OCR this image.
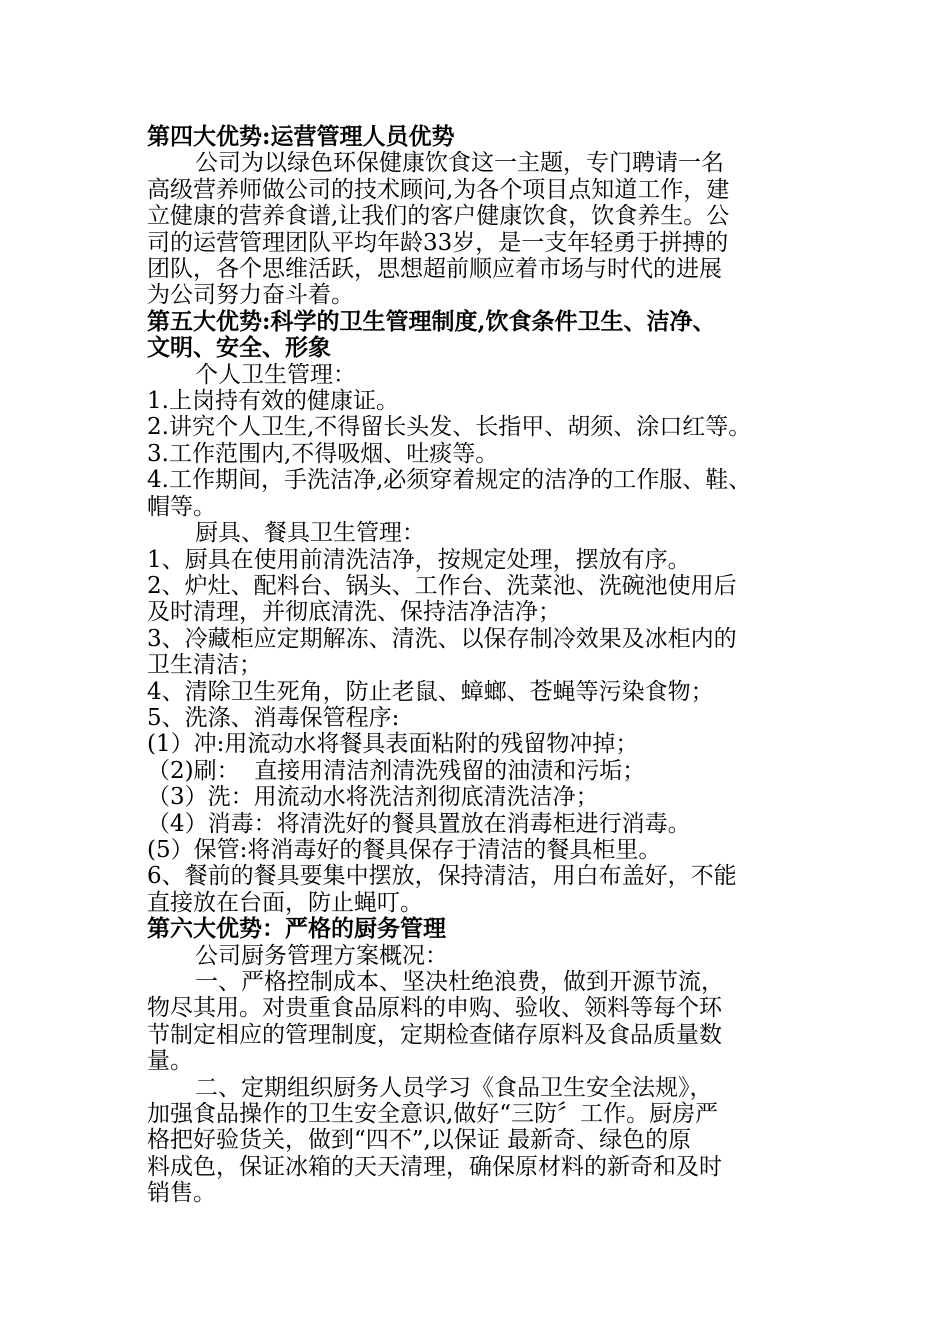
第四大优势:运营管理人员优势
公司为以绿色环保健康饮食这一主题，专门聘请一名
高级营养师做公司的技术顾问,为各个项目点知道工作，建
立健康的营养食谱,让我们的客户健康饮食，饮食养生。公
司的运营管理团队平均年龄33岁，是一支年轻勇于拼搏的
团队，各个思维活跃，思想超前顺应着市场与时代的进展
为公司努力奋斗着。
第五大优势:科学的卫生管理制度,饮食条件卫生、洁净、
文明、安全、形象
个人卫生管理：
1.上岗持有效的健康证。
2.讲究个人卫生,不得留长头发、长指甲、胡须、涂口红等。
3.工作范围内,不得吸烟、吐痰等。
4.工作期间，手洗洁净,必须穿着规定的洁净的工作服、鞋、
帽等。
厨具、餐具卫生管理：
1、厨具在使用前清洗洁净，按规定处理，摆放有序。
2、炉灶、配料台、锅头、工作台、洗菜池、洗碗池使用后
及时清理，并彻底清洗、保持洁净洁净；
3、冷藏柜应定期解冻、清洗、以保存制冷效果及冰柜内的
卫生清洁；
4、清除卫生死角，防止老鼠、蟑螂、苍蝇等污染食物；
5、洗涤、消毒保管程序:
(1）冲:用流动水将餐具表面粘附的残留物冲掉；
（2)刷：  直接用清洁剂清洗残留的油渍和污垢；
（3）洗：用流动水将洗洁剂彻底清洗洁净；
（4）消毒：将清洗好的餐具置放在消毒柜进行消毒。
(5）保管:将消毒好的餐具保存于清洁的餐具柜里。
6、餐前的餐具要集中摆放，保持清洁，用白布盖好，不能
直接放在台面，防止蝇叮。
第六大优势：严格的厨务管理
公司厨务管理方案概况：
一、严格控制成本、坚决杜绝浪费，做到开源节流，
物尽其用。对贵重食品原料的申购、验收、领料等每个环
节制定相应的管理制度，定期检查储存原料及食品质量数
量。
二、定期组织厨务人员学习《食品卫生安全法规》，
加强食品操作的卫生安全意识,做好“三防〞工作。厨房严
格把好验货关，做到“四不”,以保证 最新奇、绿色的原
料成色，保证冰箱的天天清理，确保原材料的新奇和及时
销售。
